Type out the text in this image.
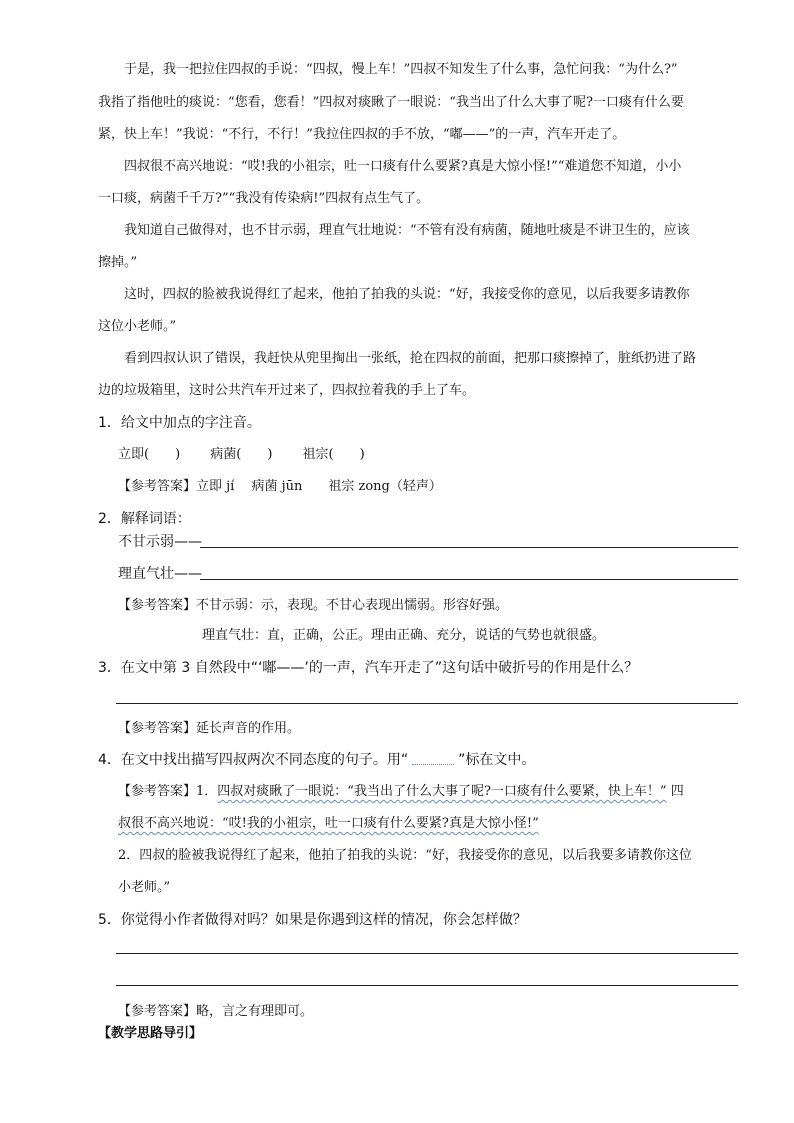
于是，我一把拉住四叔的手说：“四叔，慢上车！”四叔不知发生了什么事，急忙问我：“为什么?”
我指了指他吐的痰说：“您看，您看！”四叔对痰瞅了一眼说：“我当出了什么大事了呢?一口痰有什么要
紧，快上车！”我说：“不行，不行！”我拉住四叔的手不放，“嘟——”的一声，汽车开走了。
四叔很不高兴地说：“哎!我的小祖宗，吐一口痰有什么要紧?真是大惊小怪!”“难道您不知道，小小
一口痰，病菌千千万?”“我没有传染病!”四叔有点生气了。
我知道自己做得对，也不甘示弱，理直气壮地说：“不管有没有病菌，随地吐痰是不讲卫生的，应该
擦掉。”
这时，四叔的脸被我说得红了起来，他拍了拍我的头说：“好，我接受你的意见，以后我要多请教你
这位小老师。”
看到四叔认识了错误，我赶快从兜里掏出一张纸，抢在四叔的前面，把那口痰擦掉了，脏纸扔进了路
边的垃圾箱里，这时公共汽车开过来了，四叔拉着我的手上了车。
1．给文中加点的字注音。
立即(　　)　　 病菌(　　)　　 祖宗(　　)
【参考答案】立即 jí　 病菌 jūn　　祖宗 zong（轻声）
2．解释词语：
不甘示弱——
理直气壮——
【参考答案】不甘示弱：示，表现。不甘心表现出懦弱。形容好强。
理直气壮：直，正确，公正。理由正确、充分，说话的气势也就很盛。
3．在文中第 3 自然段中“‘嘟——’的一声，汽车开走了”这句话中破折号的作用是什么？
【参考答案】延长声音的作用。
4．在文中找出描写四叔两次不同态度的句子。用“	”标在文中。
【参考答案】1．四叔对痰瞅了一眼说：“我当出了什么大事了呢?一口痰有什么要紧，快上车！” 四
叔很不高兴地说：“哎!我的小祖宗，吐一口痰有什么要紧?真是大惊小怪!”
2．四叔的脸被我说得红了起来，他拍了拍我的头说：“好，我接受你的意见，以后我要多请教你这位
小老师。”
5．你觉得小作者做得对吗？如果是你遇到这样的情况，你会怎样做？
【参考答案】略，言之有理即可。
【教学思路导引】
